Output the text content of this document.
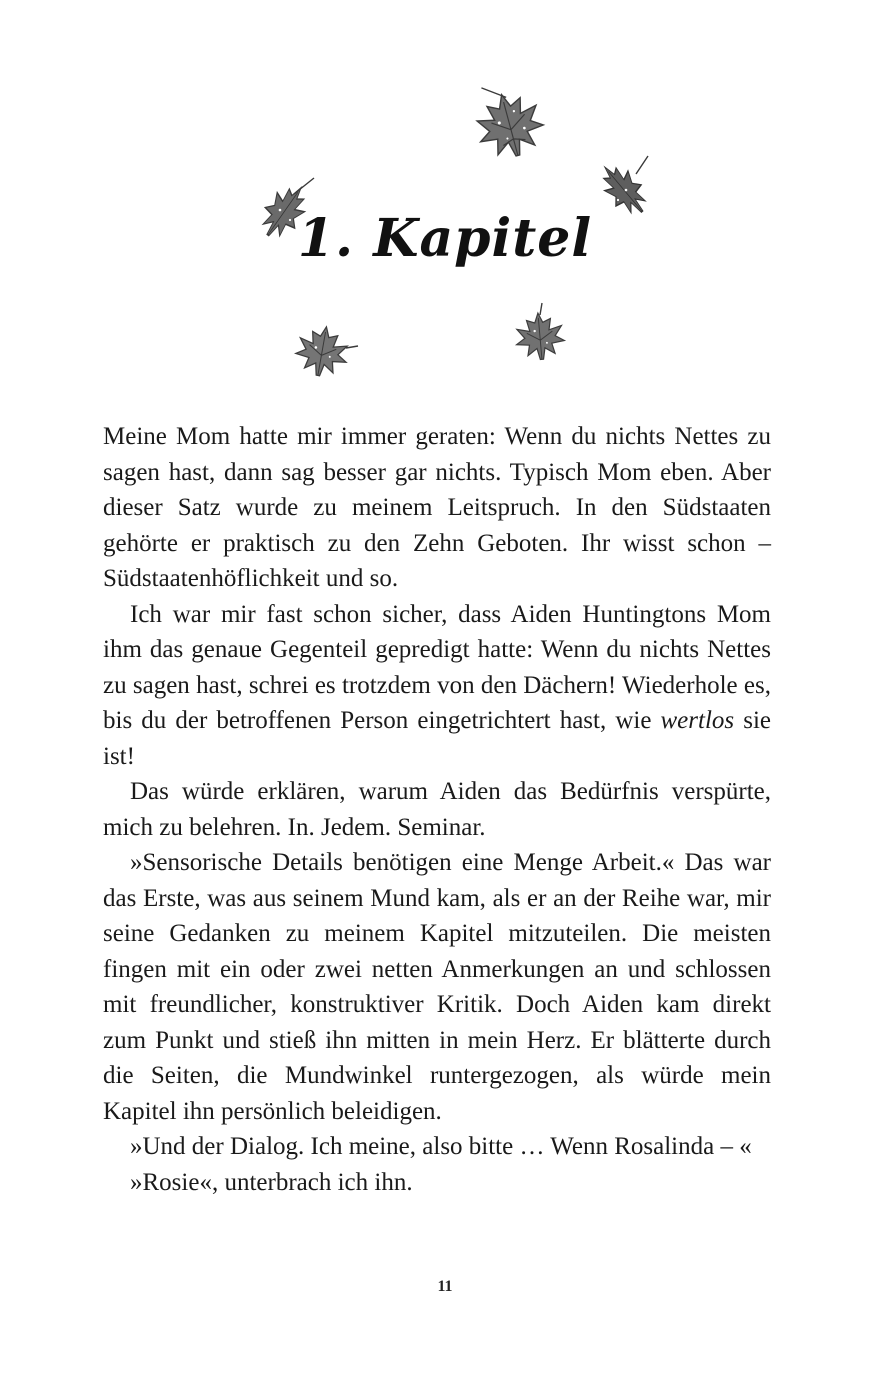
1. Kapitel

Meine Mom hatte mir immer geraten: Wenn du nichts Nettes zu sagen hast, dann sag besser gar nichts. Typisch Mom eben. Aber dieser Satz wurde zu meinem Leitspruch. In den Südstaaten gehörte er praktisch zu den Zehn Geboten. Ihr wisst schon – Südstaatenhöflichkeit und so.

Ich war mir fast schon sicher, dass Aiden Huntingtons Mom ihm das genaue Gegenteil gepredigt hatte: Wenn du nichts Nettes zu sagen hast, schrei es trotzdem von den Dächern! Wiederhole es, bis du der betroffenen Person eingetrichtert hast, wie wertlos sie ist!

Das würde erklären, warum Aiden das Bedürfnis verspürte, mich zu belehren. In. Jedem. Seminar.

»Sensorische Details benötigen eine Menge Arbeit.« Das war das Erste, was aus seinem Mund kam, als er an der Reihe war, mir seine Gedanken zu meinem Kapitel mitzuteilen. Die meisten fingen mit ein oder zwei netten Anmerkungen an und schlossen mit freundlicher, konstruktiver Kritik. Doch Aiden kam direkt zum Punkt und stieß ihn mitten in mein Herz. Er blätterte durch die Seiten, die Mundwinkel runtergezogen, als würde mein Kapitel ihn persönlich beleidigen.

»Und der Dialog. Ich meine, also bitte … Wenn Rosalinda – «

»Rosie«, unterbrach ich ihn.

11
